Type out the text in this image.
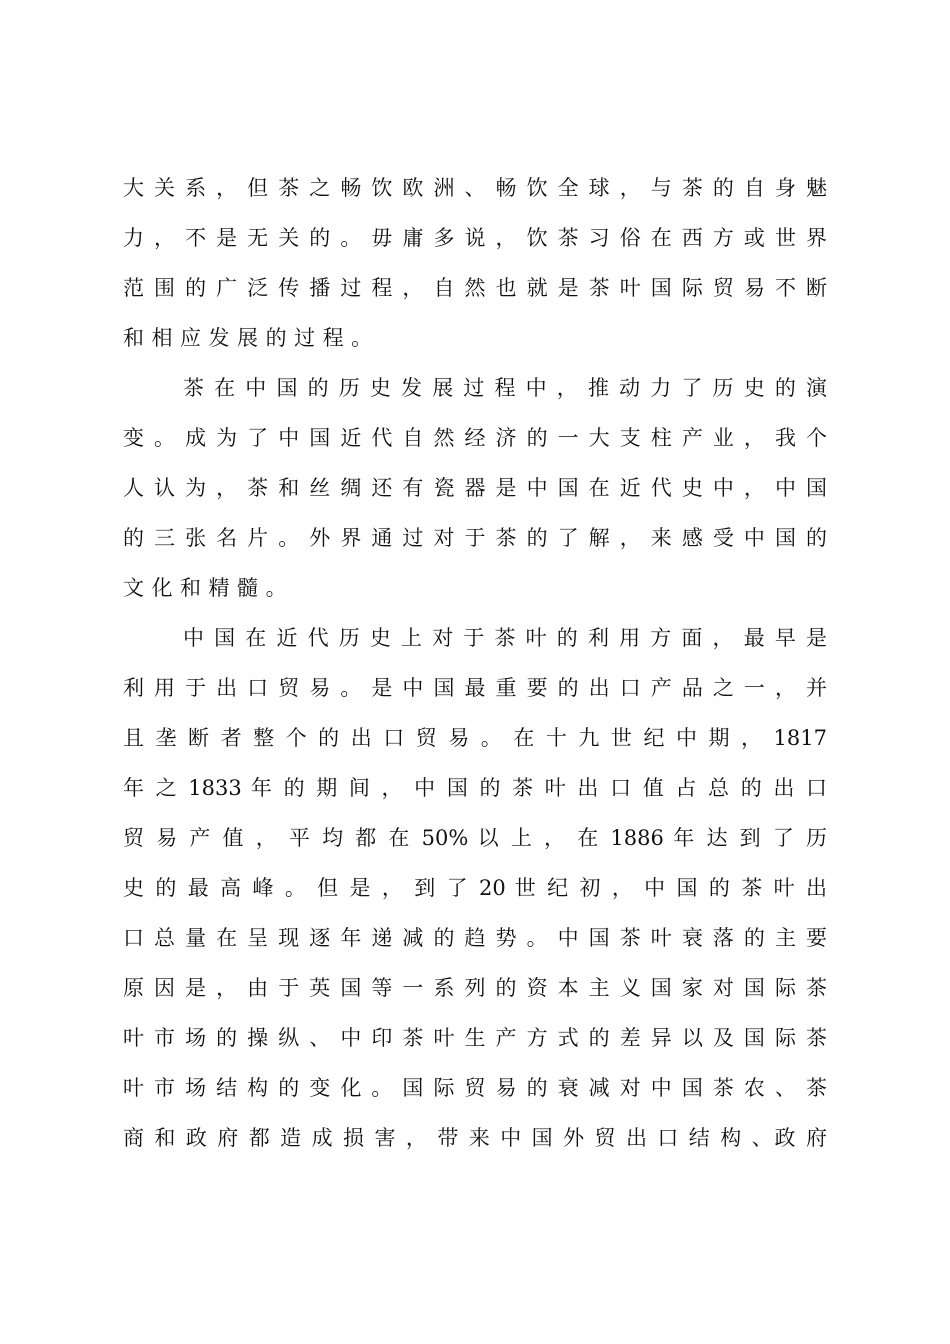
大 关 系 ， 但 茶 之 畅 饮 欧 洲 、 畅 饮 全 球 ， 与 茶 的 自 身 魅
力 ， 不 是 无 关 的 。 毋 庸 多 说 ， 饮 茶 习 俗 在 西 方 或 世 界
范 围 的 广 泛 传 播 过 程 ， 自 然 也 就 是 茶 叶 国 际 贸 易 不 断
和 相 应 发 展 的 过 程 。
茶 在 中 国 的 历 史 发 展 过 程 中 ， 推 动 力 了 历 史 的 演
变 。 成 为 了 中 国 近 代 自 然 经 济 的 一 大 支 柱 产 业 ， 我 个
人 认 为 ， 茶 和 丝 绸 还 有 瓷 器 是 中 国 在 近 代 史 中 ， 中 国
的 三 张 名 片 。 外 界 通 过 对 于 茶 的 了 解 ， 来 感 受 中 国 的
文 化 和 精 髓 。
中 国 在 近 代 历 史 上 对 于 茶 叶 的 利 用 方 面 ， 最 早 是
利 用 于 出 口 贸 易 。 是 中 国 最 重 要 的 出 口 产 品 之 一 ， 并
且 垄 断 者 整 个 的 出 口 贸 易 。 在 十 九 世 纪 中 期 ， 1817
年 之 1833 年 的 期 间 ， 中 国 的 茶 叶 出 口 值 占 总 的 出 口
贸 易 产 值 ， 平 均 都 在 50% 以 上 ， 在 1886 年 达 到 了 历
史 的 最 高 峰 。 但 是 ， 到 了 20 世 纪 初 ， 中 国 的 茶 叶 出
口 总 量 在 呈 现 逐 年 递 减 的 趋 势 。 中 国 茶 叶 衰 落 的 主 要
原 因 是 ， 由 于 英 国 等 一 系 列 的 资 本 主 义 国 家 对 国 际 茶
叶 市 场 的 操 纵 、 中 印 茶 叶 生 产 方 式 的 差 异 以 及 国 际 茶
叶 市 场 结 构 的 变 化 。 国 际 贸 易 的 衰 减 对 中 国 茶 农 、 茶
商 和 政 府 都 造 成 损 害 ， 带 来 中 国 外 贸 出 口 结 构 、政 府
